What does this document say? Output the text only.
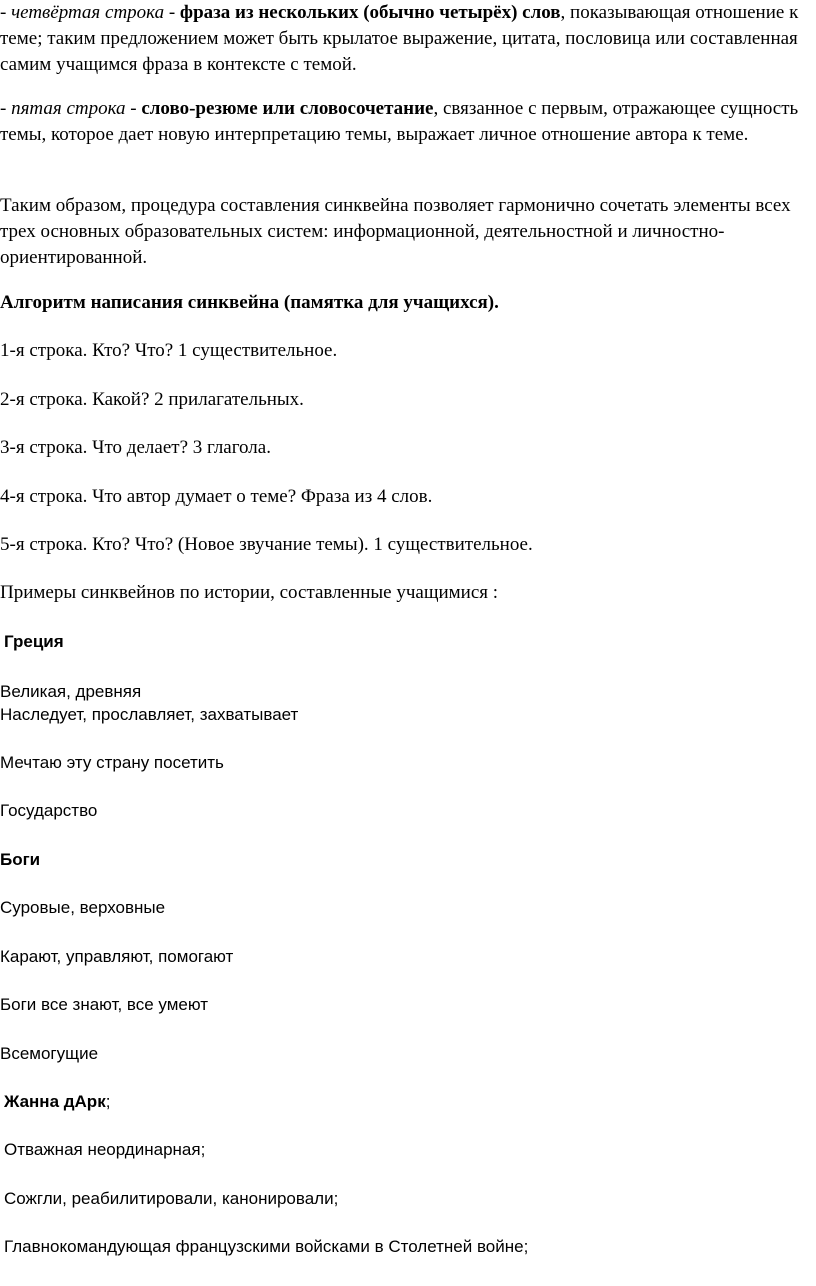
- четвёртая строка - фраза из нескольких (обычно четырёх) слов, показывающая отношение к теме; таким предложением может быть крылатое выражение, цитата, пословица или составленная самим учащимся фраза в контексте с темой.

- пятая строка - слово-резюме или словосочетание, связанное с первым, отражающее сущность темы, которое дает новую интерпретацию темы, выражает личное отношение автора к теме.

Таким образом, процедура составления синквейна позволяет гармонично сочетать элементы всех трех основных образовательных систем: информационной, деятельностной и личностно-ориентированной.

Алгоритм написания синквейна (памятка для учащихся).

1-я строка. Кто? Что? 1 существительное.

2-я строка. Какой? 2 прилагательных.

3-я строка. Что делает? 3 глагола.

4-я строка. Что автор думает о теме? Фраза из 4 слов.

5-я строка. Кто? Что? (Новое звучание темы). 1 существительное.

Примеры синквейнов по истории, составленные учащимися :

Греция

Великая, древняя

Наследует, прославляет, захватывает

Мечтаю эту страну посетить

Государство

Боги

Суровые, верховные

Карают, управляют, помогают

Боги все знают, все умеют

Всемогущие

Жанна дАрк;

Отважная неординарная;

Сожгли, реабилитировали, канонировали;

Главнокомандующая французскими войсками в Столетней войне;
